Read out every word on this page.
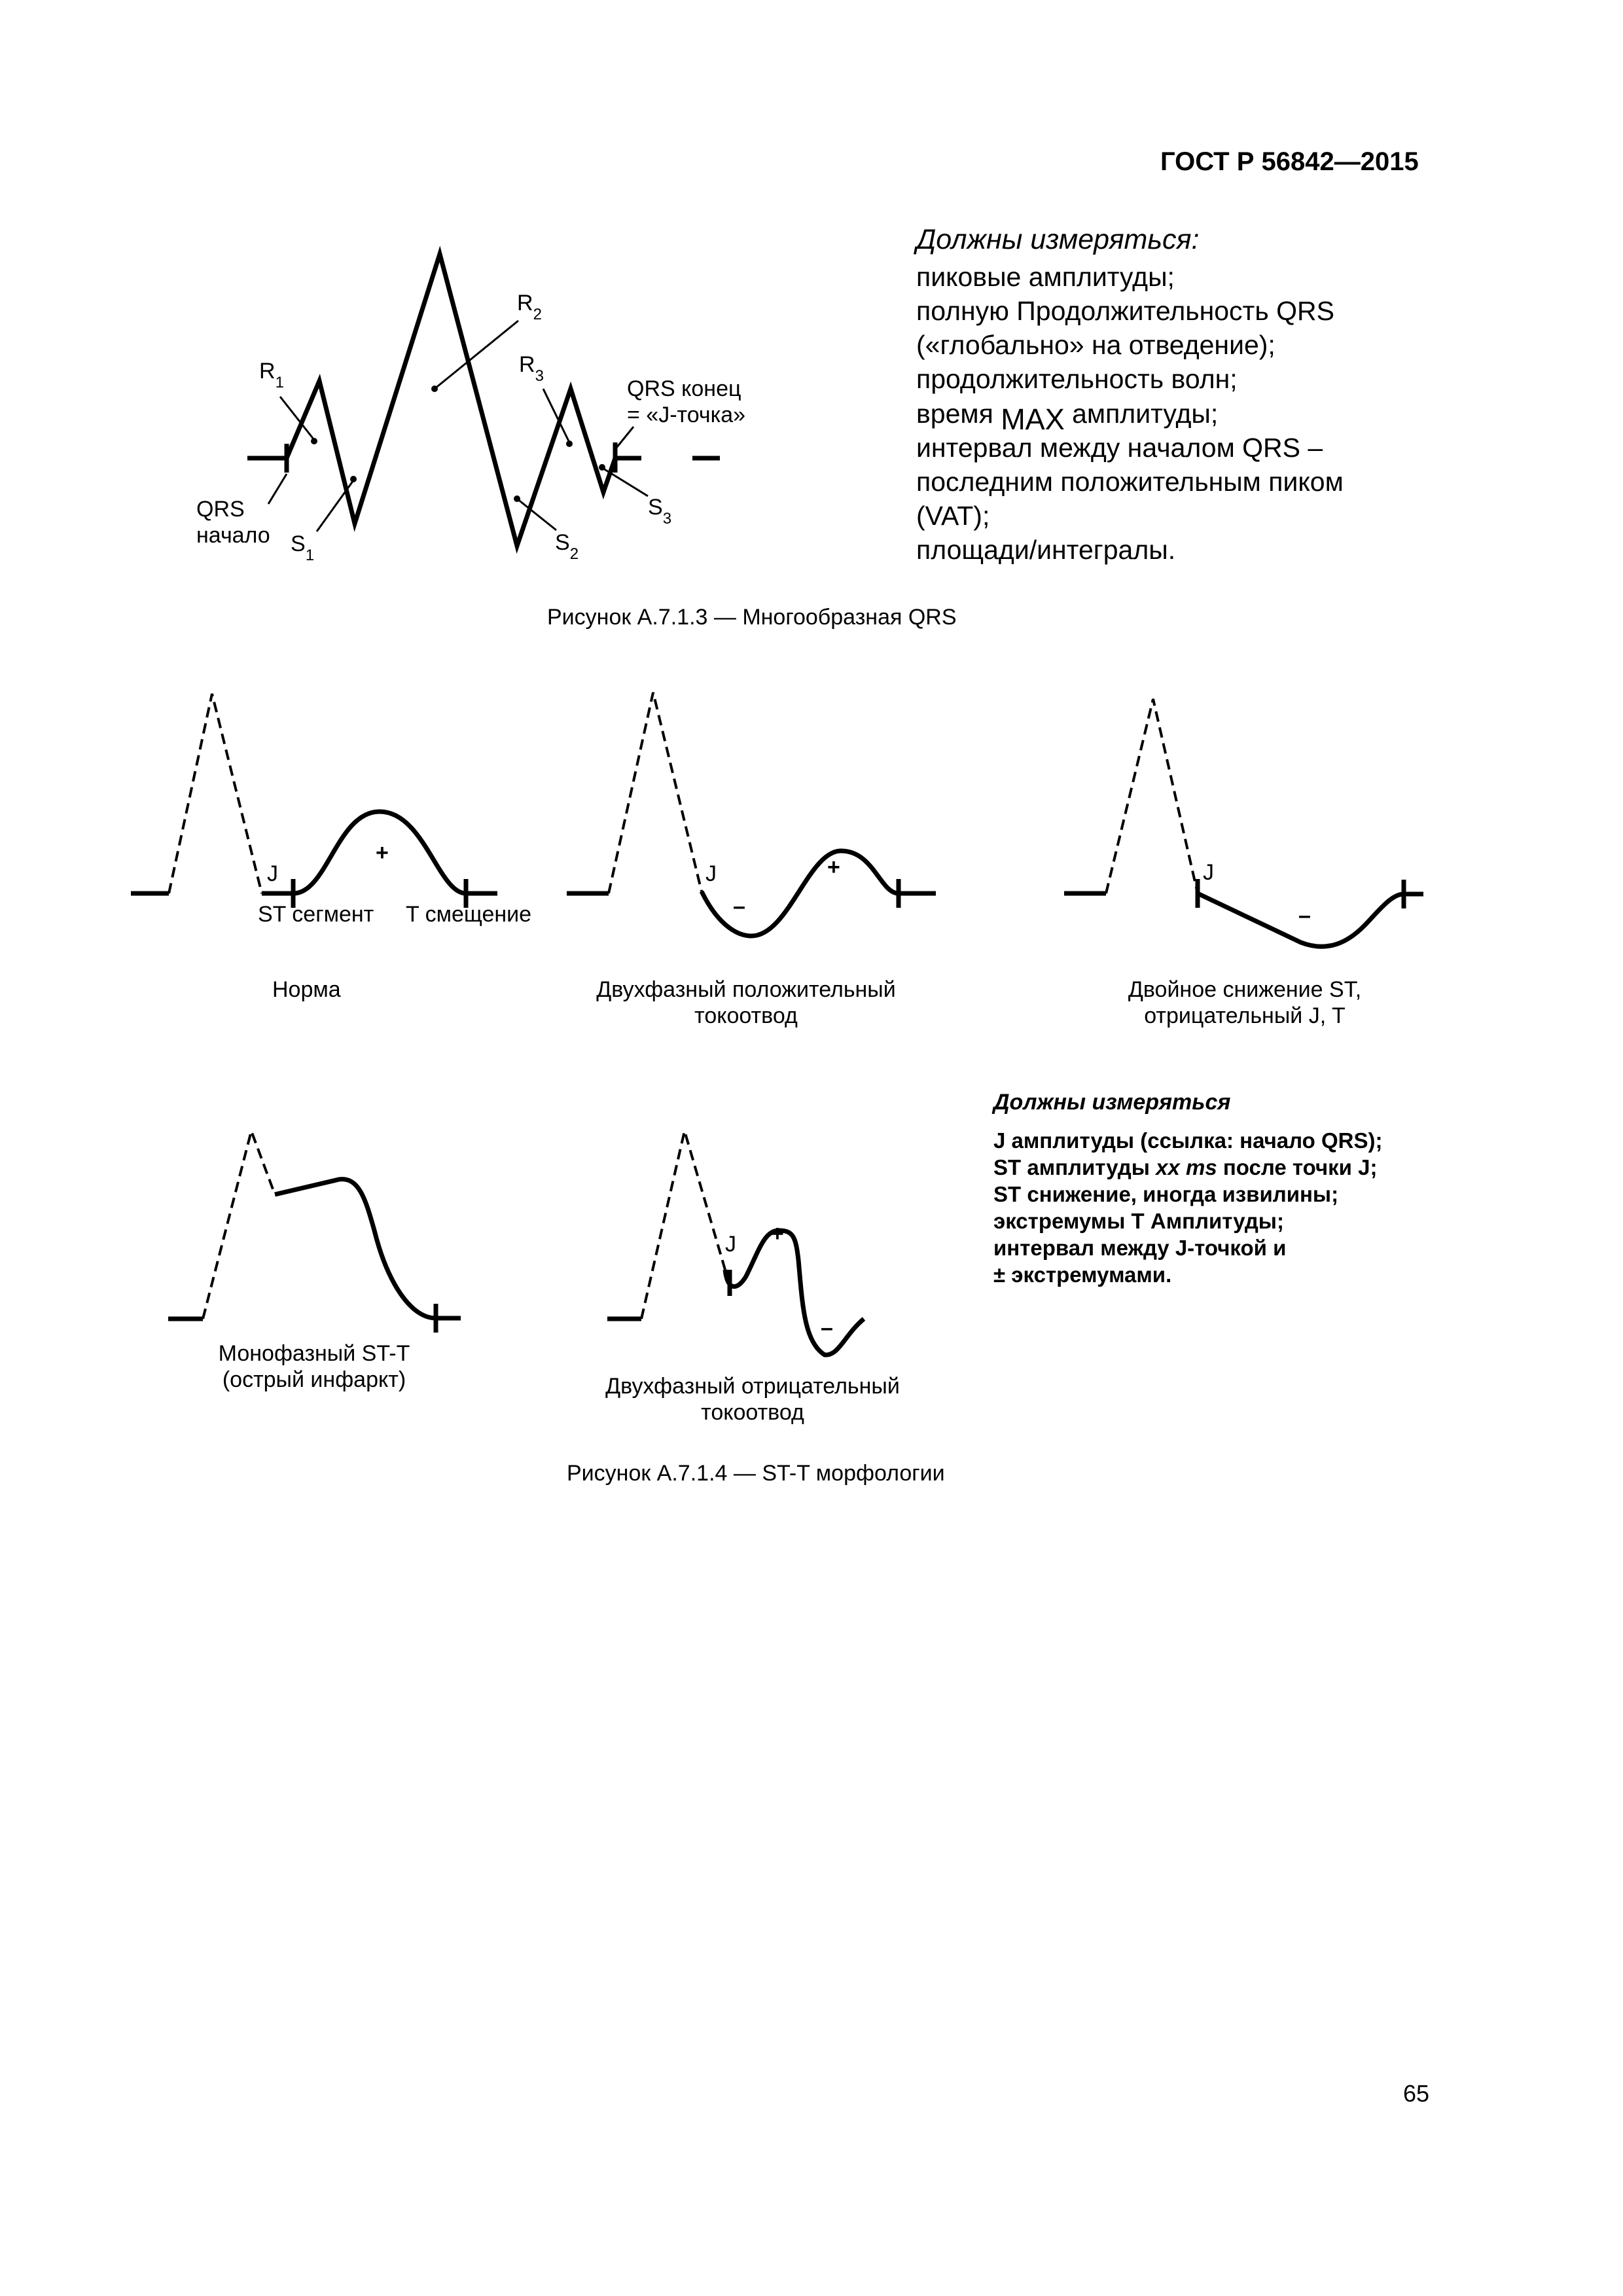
ГОСТ Р 56842—2015
$R_1$
$R_2$
$R_3$
$S_1$
$S_2$
$S_3$
QRS
начало
QRS конец
= «J-точка»
Должны измеряться:
пиковые амплитуды;
полную Продолжительность QRS
(«глобально» на отведение);
продолжительность волн;
время MAX амплитуды;
интервал между началом QRS –
последним положительным пиком
(VAT);
площади/интегралы.
Рисунок А.7.1.3 — Многообразная QRS
J
+
ST сегмент T смещение
Норма
J
–
+
Двухфазный положительный
токоотвод
J
–
Двойное снижение ST,
отрицательный J, T
Монофазный ST-T
(острый инфаркт)
J +
–
Двухфазный отрицательный
токоотвод
Должны измеряться
J амплитуды (ссылка: начало QRS);
ST амплитуды xx ms после точки J;
ST снижение, иногда извилины;
экстремумы Т Амплитуды;
интервал между J-точкой и
± экстремумами.
Рисунок А.7.1.4 — ST-T морфологии
65
